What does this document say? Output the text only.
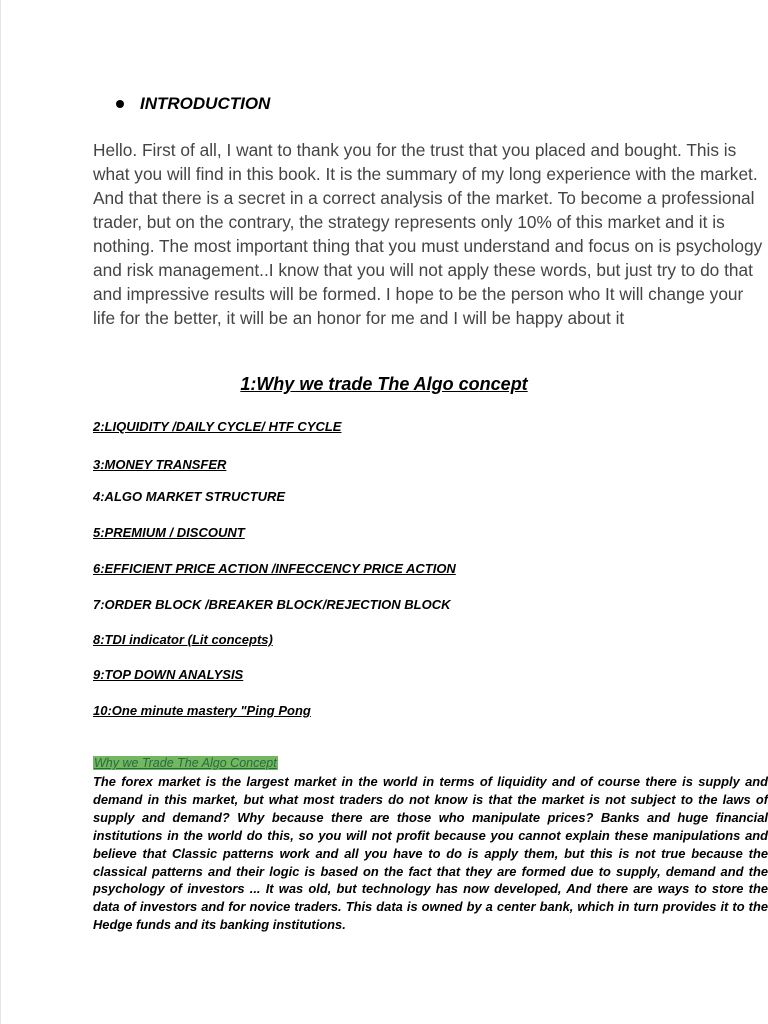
INTRODUCTION

Hello. First of all, I want to thank you for the trust that you placed and bought. This is what you will find in this book. It is the summary of my long experience with the market. And that there is a secret in a correct analysis of the market. To become a professional trader, but on the contrary, the strategy represents only 10% of this market and it is nothing. The most important thing that you must understand and focus on is psychology and risk management..I know that you will not apply these words, but just try to do that and impressive results will be formed. I hope to be the person who It will change your life for the better, it will be an honor for me and I will be happy about it

1:Why we trade The Algo concept
2:LIQUIDITY /DAILY CYCLE/ HTF CYCLE
3:MONEY TRANSFER
4:ALGO MARKET STRUCTURE
5:PREMIUM / DISCOUNT
6:EFFICIENT PRICE ACTION /INFECCENCY PRICE ACTION
7:ORDER BLOCK /BREAKER BLOCK/REJECTION BLOCK
8:TDI indicator (Lit concepts)
9:TOP DOWN ANALYSIS
10:One minute mastery "Ping Pong
Why we Trade The Algo Concept

The forex market is the largest market in the world in terms of liquidity and of course there is supply and demand in this market, but what most traders do not know is that the market is not subject to the laws of supply and demand? Why because there are those who manipulate prices? Banks and huge financial institutions in the world do this, so you will not profit because you cannot explain these manipulations and believe that Classic patterns work and all you have to do is apply them, but this is not true because the classical patterns and their logic is based on the fact that they are formed due to supply, demand and the psychology of investors ... It was old, but technology has now developed, And there are ways to store the data of investors and for novice traders. This data is owned by a center bank, which in turn provides it to the Hedge funds and its banking institutions.
